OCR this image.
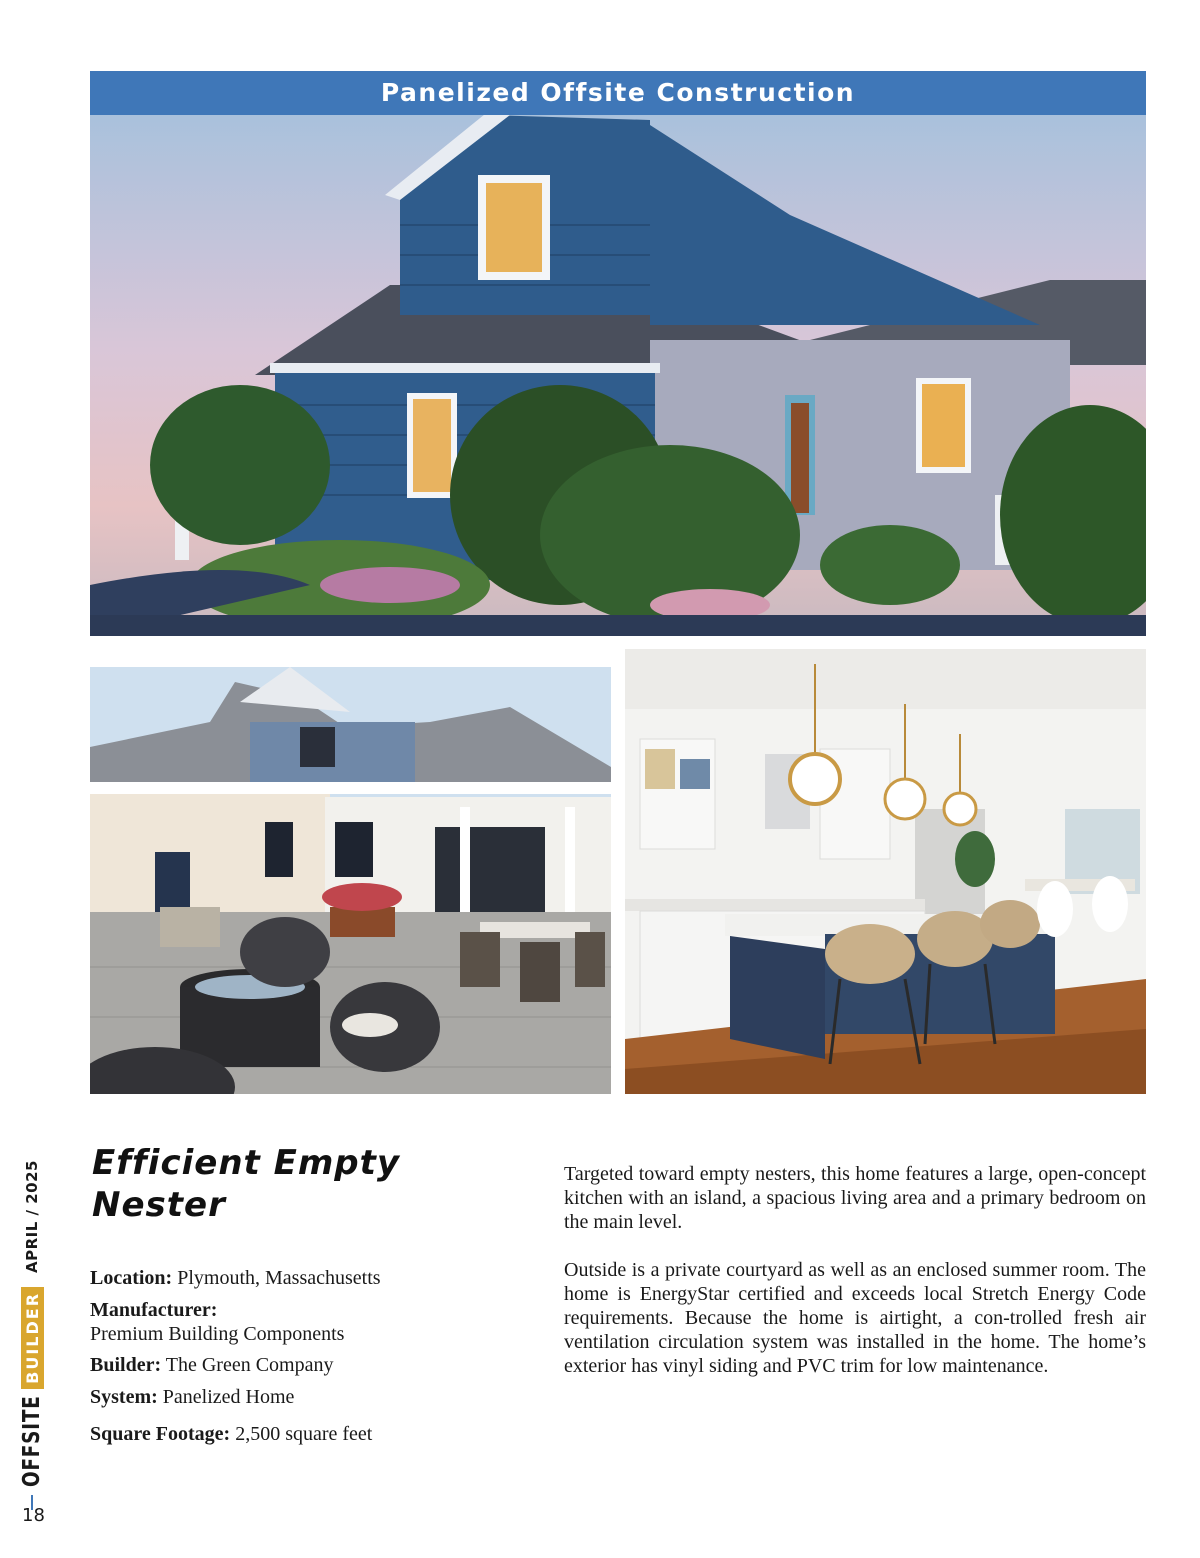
Panelized Offsite Construction
OFFSITE
BUILDER
APRIL / 2025
18
Efficient Empty Nester
Location: Plymouth, Massachusetts
Manufacturer:
Premium Building Components
Builder: The Green Company
System: Panelized Home
Square Footage: 2,500 square feet

Targeted toward empty nesters, this home features a large, open-concept kitchen with an island, a spacious living area and a primary bedroom on the main level.

Outside is a private courtyard as well as an enclosed summer room. The home is EnergyStar certified and exceeds local Stretch Energy Code requirements. Because the home is airtight, a con-trolled fresh air ventilation circulation system was installed in the home. The home’s exterior has vinyl siding and PVC trim for low maintenance.
